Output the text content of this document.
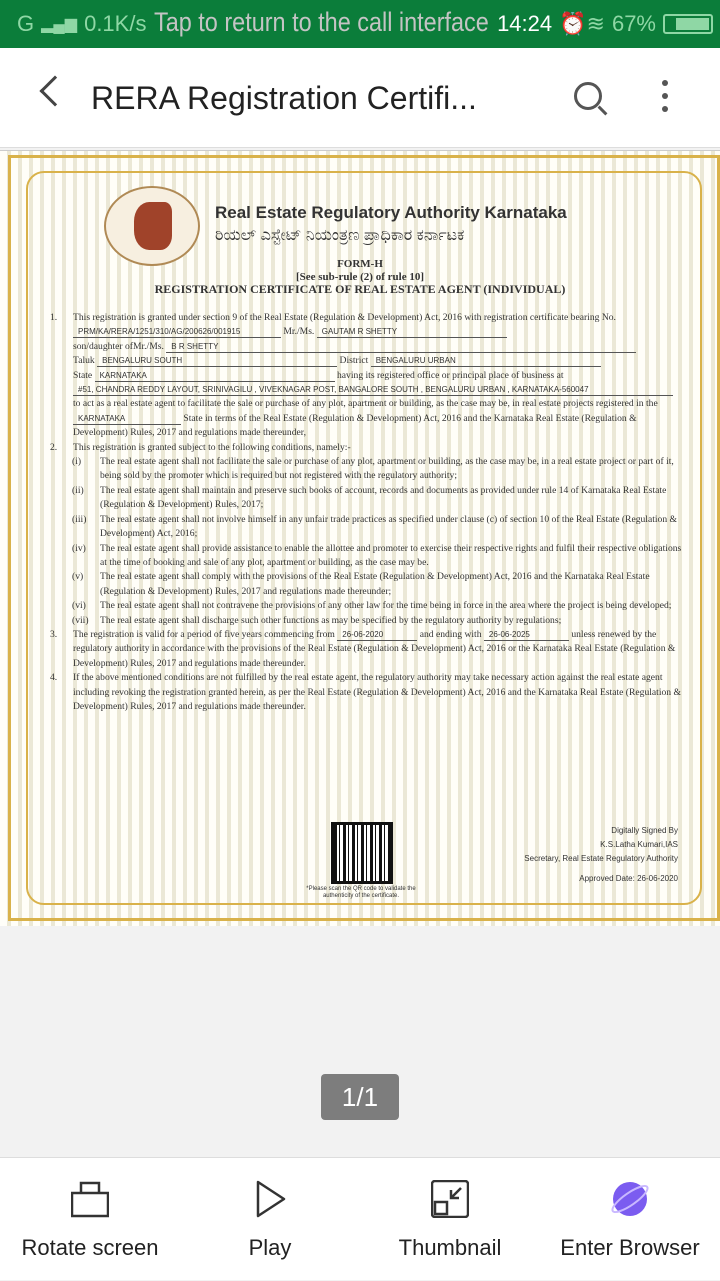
G ▂▄▆ 0.1K/s Tap to return to the call interface 14:24 ⏰≋ 67%
RERA Registration Certifi...
Real Estate Regulatory Authority Karnataka
ರಿಯಲ್ ಎಸ್ಟೇಟ್ ನಿಯಂತ್ರಣ ಪ್ರಾಧಿಕಾರ ಕರ್ನಾಟಕ
FORM-H
[See sub-rule (2) of rule 10]
REGISTRATION CERTIFICATE OF REAL ESTATE AGENT (INDIVIDUAL)
1. This registration is granted under section 9 of the Real Estate (Regulation & Development) Act, 2016 with registration certificate bearing No. PRM/KA/RERA/1251/310/AG/200626/001915	Mr./Ms. GAUTAM R SHETTY
son/daughter ofMr./Ms. B R SHETTY
Taluk BENGALURU SOUTH	District BENGALURU URBAN
State KARNATAKA	having its registered office or principal place of business at
#51, CHANDRA REDDY LAYOUT, SRINIVAGILU , VIVEKNAGAR POST, BANGALORE SOUTH , BENGALURU URBAN , KARNATAKA-560047
to act as a real estate agent to facilitate the sale or purchase of any plot, apartment or building, as the case may be, in real estate projects registered in the KARNATAKA	State in terms of the Real Estate (Regulation & Development) Act, 2016 and the Karnataka Real Estate (Regulation & Development) Rules, 2017 and regulations made thereunder,
2. This registration is granted subject to the following conditions, namely:-
(i) The real estate agent shall not facilitate the sale or purchase of any plot, apartment or building, as the case may be, in a real estate project or part of it, being sold by the promoter which is required but not registered with the regulatory authority;
(ii) The real estate agent shall maintain and preserve such books of account, records and documents as provided under rule 14 of Karnataka Real Estate (Regulation & Development) Rules, 2017;
(iii) The real estate agent shall not involve himself in any unfair trade practices as specified under clause (c) of section 10 of the Real Estate (Regulation & Development) Act, 2016;
(iv) The real estate agent shall provide assistance to enable the allottee and promoter to exercise their respective rights and fulfil their respective obligations at the time of booking and sale of any plot, apartment or building, as the case may be.
(v) The real estate agent shall comply with the provisions of the Real Estate (Regulation & Development) Act, 2016 and the Karnataka Real Estate (Regulation & Development) Rules, 2017 and regulations made thereunder;
(vi) The real estate agent shall not contravene the provisions of any other law for the time being in force in the area where the project is being developed;
(vii) The real estate agent shall discharge such other functions as may be specified by the regulatory authority by regulations;
3. The registration is valid for a period of five years commencing from 26-06-2020	and ending with 26-06-2025	unless renewed by the regulatory authority in accordance with the provisions of the Real Estate (Regulation & Development) Act, 2016 or the Karnataka Real Estate (Regulation & Development) Rules, 2017 and regulations made thereunder.
4. If the above mentioned conditions are not fulfilled by the real estate agent, the regulatory authority may take necessary action against the real estate agent including revoking the registration granted herein, as per the Real Estate (Regulation & Development) Act, 2016 and the Karnataka Real Estate (Regulation & Development) Rules, 2017 and regulations made thereunder.
*Please scan the QR code to validate the authenticity of the certificate.
Digitally Signed By
K.S.Latha Kumari,IAS
Secretary, Real Estate Regulatory Authority
Approved Date: 26-06-2020
1/1
Rotate screen	Play	Thumbnail	Enter Browser
